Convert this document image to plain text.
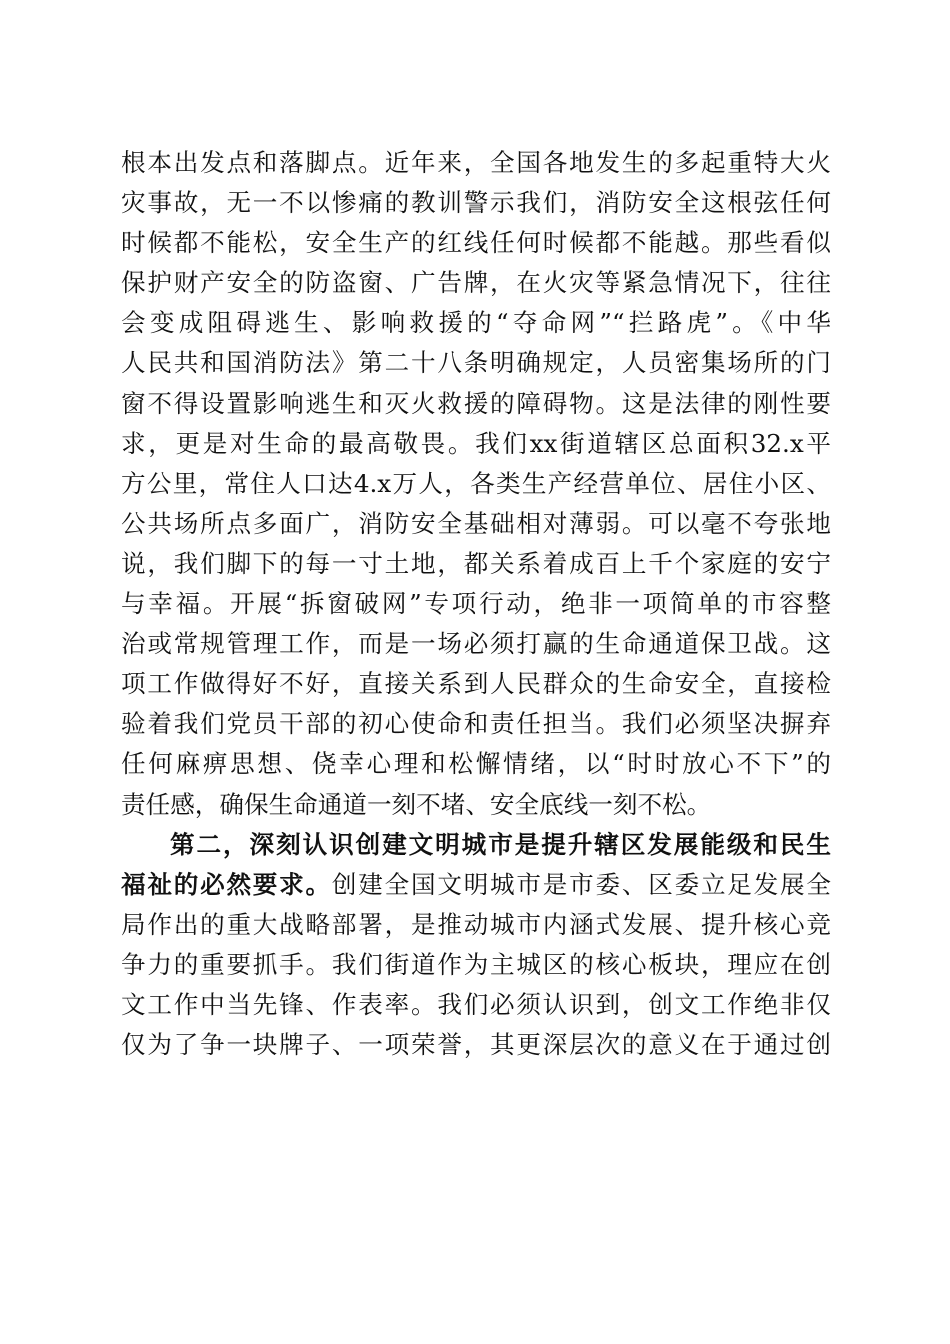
根本出发点和落脚点。近年来，全国各地发生的多起重特大火
灾事故，无一不以惨痛的教训警示我们，消防安全这根弦任何
时候都不能松，安全生产的红线任何时候都不能越。那些看似
保护财产安全的防盗窗、广告牌，在火灾等紧急情况下，往往
会变成阻碍逃生、影响救援的“夺命网”“拦路虎”。《中华
人民共和国消防法》第二十八条明确规定，人员密集场所的门
窗不得设置影响逃生和灭火救援的障碍物。这是法律的刚性要
求，更是对生命的最高敬畏。我们xx街道辖区总面积32.x平
方公里，常住人口达4.x万人，各类生产经营单位、居住小区、
公共场所点多面广，消防安全基础相对薄弱。可以毫不夸张地
说，我们脚下的每一寸土地，都关系着成百上千个家庭的安宁
与幸福。开展“拆窗破网”专项行动，绝非一项简单的市容整
治或常规管理工作，而是一场必须打赢的生命通道保卫战。这
项工作做得好不好，直接关系到人民群众的生命安全，直接检
验着我们党员干部的初心使命和责任担当。我们必须坚决摒弃
任何麻痹思想、侥幸心理和松懈情绪，以“时时放心不下”的
责任感，确保生命通道一刻不堵、安全底线一刻不松。
第二，深刻认识创建文明城市是提升辖区发展能级和民生
福祉的必然要求。创建全国文明城市是市委、区委立足发展全
局作出的重大战略部署，是推动城市内涵式发展、提升核心竞
争力的重要抓手。我们街道作为主城区的核心板块，理应在创
文工作中当先锋、作表率。我们必须认识到，创文工作绝非仅
仅为了争一块牌子、一项荣誉，其更深层次的意义在于通过创
